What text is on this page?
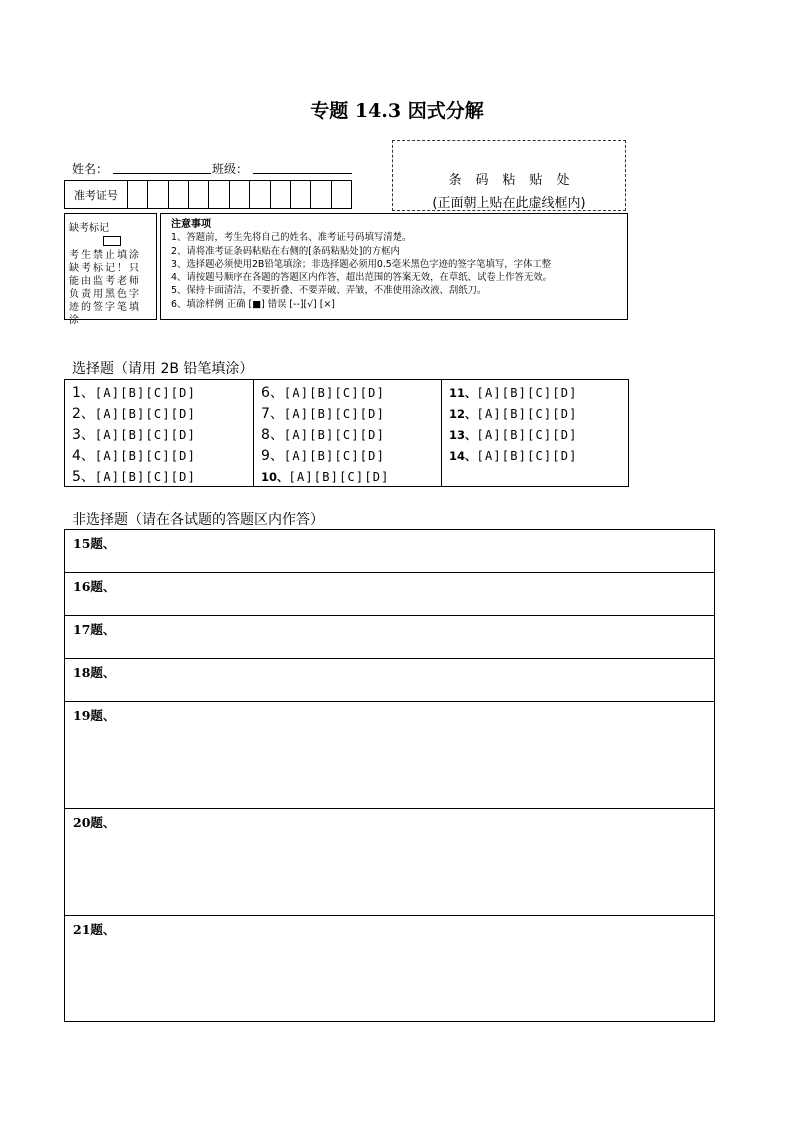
专题 14.3 因式分解
姓名：	班级：
条码粘贴处
(正面朝上贴在此虚线框内)
准考证号
缺考标记
考生禁止填涂缺考标记！只能由监考老师负责用黑色字迹的签字笔填涂
注意事项
1、答题前，考生先将自己的姓名、准考证号码填写清楚。
2、请将准考证条码粘贴在右侧的[条码粘贴处]的方框内
3、选择题必须使用2B铅笔填涂；非选择题必须用0.5毫米黑色字迹的签字笔填写，字体工整
4、请按题号顺序在各题的答题区内作答，超出范围的答案无效，在草纸、试卷上作答无效。
5、保持卡面清洁，不要折叠、不要弄破、弄皱，不准使用涂改液、刮纸刀。
6、填涂样例 正确 [■] 错误 [--][√] [×]
选择题（请用 2B 铅笔填涂）
1、[A][B][C][D]
2、[A][B][C][D]
3、[A][B][C][D]
4、[A][B][C][D]
5、[A][B][C][D]
6、[A][B][C][D]
7、[A][B][C][D]
8、[A][B][C][D]
9、[A][B][C][D]
10、[A][B][C][D]
11、[A][B][C][D]
12、[A][B][C][D]
13、[A][B][C][D]
14、[A][B][C][D]
非选择题（请在各试题的答题区内作答）
15题、
16题、
17题、
18题、
19题、
20题、
21题、
